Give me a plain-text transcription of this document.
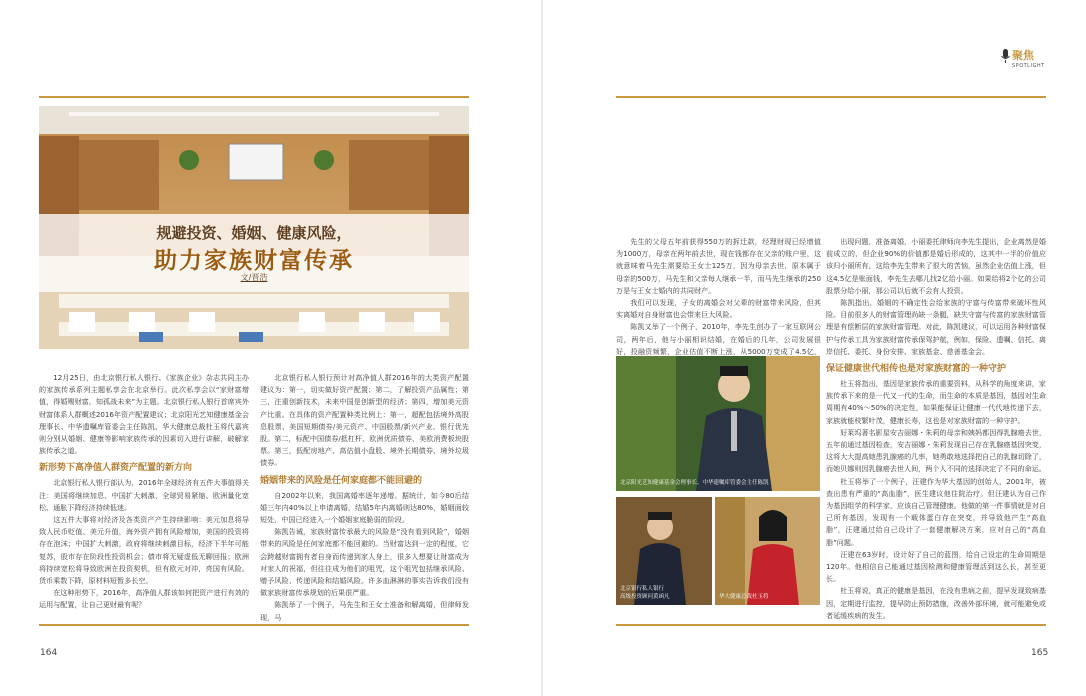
规避投资、婚姻、健康风险，
助力家族财富传承
文/晋浩

12月25日，由北京银行私人银行、《家族企业》杂志共同主办的家族传承系列主题私享会在北京举行。此次私享会以“家财富增值，得婚赐财富，知孤战未来”为主题。北京银行私人银行首席宾外财富体系人群概述2016年资产配置建议；北京阳光艺知健康基金会理事长、中华遗嘱库管委会主任陈凯、华大健康总裁杜玉将代嘉宾则分别从婚姻、健康等影响家族传承的因素切入进行讲解，破解家族传承之道。

新形势下高净值人群资产配置的新方向

北京银行私人银行部认为，2016年全球经济有五件大事值得关注：美国将继续加息、中国扩大刺激、全球贸易紧缩、欧洲量化宽松、通胀下降经济持续低迷。

这五件大事将对经济及各类资产产生持续影响：美元加息将导致人民币贬值、美元升值，海外资产拥有风险增加，美国的投资将存在泡沫；中国扩大刺激，政府将继续刺激目标，经济下半年可能复苏，股市存在阶段性投资机会；债市将无疑虚低无聊回报；欧洲将持续宽松将导致欧洲在投资契机，但有欧元对冲，亮国有风险。货币乘数下降，原材料短暂多长空。

在这种形势下，2016年，高净值人群该如何把资产进行有效的运用与配置，让自己更财最有呢？

北京银行私人银行预计对高净值人群2016年的大类资产配置建议为：第一，切实做好资产配置；第二，了解投资产品属性；第三，注重创新技术，未来中国是创新型的经济；第四，增加美元资产比重。在具体的资产配置种类比例上：第一，超配包括境外高股息股票、美国短期债券/美元资产、中国股票/新兴产业、银行优先股。第二，标配中国债券/抵杠杆、欧洲优质债券、美欧消费板块股票。第三，低配房地产、高估值小盘股、境外长期债券、境外垃圾债券。

婚姻带来的风险是任何家庭都不能回避的

自2002年以来，我国离婚率逐年递增。据统计，如今80后结婚三年内40%以上申请离婚，结婚5年内离婚则达80%，婚姻面较短处，中国已经进入一个婚姻家庭脆弱的阶段。

陈凯告诫，家族财富传承最大的风险是“没有看到风险”，婚姻带来的风险是任何家庭都不能回避的。当财富达到一定的程度，它会跨越财富拥有者自身而传递到家人身上，很多人想要让财富成为对家人的祝福，但往往成为他们的咀咒，这个咀咒包括继承风险、赠予风险、传递风险和结婚风险。许多血淋淋的事实告诉我们没有做家族财富传承规划的后果很严重。

陈凯举了一个例子，马先生和王女士准备和解离婚，但律师发现，马

164

先生的父母五年前获得550万的拆迁款，经理财现已经增值为1000万，母亲在两年前去世，现在钱都存在父亲的账户里，这就意味着马先生需要给王女士125万，因为母亲去世，原本属于母亲的500万，马先生和父亲每人继承一半，而马先生继承的250万是与王女士婚内的共同财产。

我们可以发现，子女的离婚会对父辈的财富带来风险，但其实离婚对自身财富也会带来巨大风险。

陈凯又举了一个例子，2010年，李先生创办了一家互联网公司，两年后，他与小丽相识结婚，在婚后的几年，公司发展很好，投融资频繁，企业估值不断上涨，从5000万变成了4.5亿，

北京阳光艺知健康基金会理事长、中华遗嘱库管委会主任陈凯
北京银行私人银行
高级投资顾问黄函凡	华大健康总裁杜玉将

出现问题，准备离婚，小丽委托律师向李先生提出，企业离然是婚前成立的，但企业90%的价值都是婚后形成的，这其中一半的价值应该归小丽所有，这给李先生带来了很大的苦恼，虽然企业估值上涨，但这4.5亿是账面钱，李先生去哪儿找2亿给小丽。如果给将2个亿的公司股票分给小丽，那公司以后就不会有人投资。

陈凯指出，婚姻的不确定性会给家族的守富与传富带来破坏性风险。目前很多人的财富管理尚缺一条腿，缺失守富与传富的家族财富管理是有偿断层的家族财富管理。对此，陈凯建议，可以运用各种财富保护与传承工具为家族财富传承保驾护航，例如，保险、遗嘱、信托、离岸信托、委托、身份安排、家族基金、慈善基金会。

保证健康世代相传也是对家族财富的一种守护

杜玉将指出，基因是家族传承的重要资料，从科学的角度来讲，家族传承下来的是一代又一代的生命，而生命的本质是基因，基因对生命周期有40%～50%的决定性，如果能保证让健康一代代地传递下去，家族就能枝繁叶茂，健康长寿，这也是对家族财富的一种守护。

好莱坞著名影星安吉丽娜・朱莉的母亲和姨妈都因得乳腺癌去世，五年前通过基因检查，安吉丽娜・朱莉发现自己存在乳腺癌基因突变，这将大大提高她患乳腺癌的几率，她勇敢地选择把自己的乳腺切除了，而她贝娜则因乳腺癌去世人间，两个人不同的选择决定了不同的命运。

杜玉将举了一个例子，汪建作为华大基因的创始人，2001年，被查出患有严重的“高血脂”，医生建议他住院治疗。但汪建认为自己作为基因组学的科学家，应该自己管理健康。他做的第一件事情就是对自己所有基因，发现有一个载体蛋白存在突变，并导致他产生“高血脂”，汪建通过给自己设计了一套健康解决方案，应对自己的“高血脂”问题。

汪建在63岁时，设计好了自己的蓝图，给自己设定的生命周期是120年。他相信自己能通过基因检测和健康管理活到这么长，甚至更长。

杜玉将说，真正的健康是基因，在没有患病之前，提早发现致病基因，定期进行监控，提早防止预防措施，改善外部环境，就可能避免或者延缓疾病的发生。

165
聚焦
SPOTLIGHT
